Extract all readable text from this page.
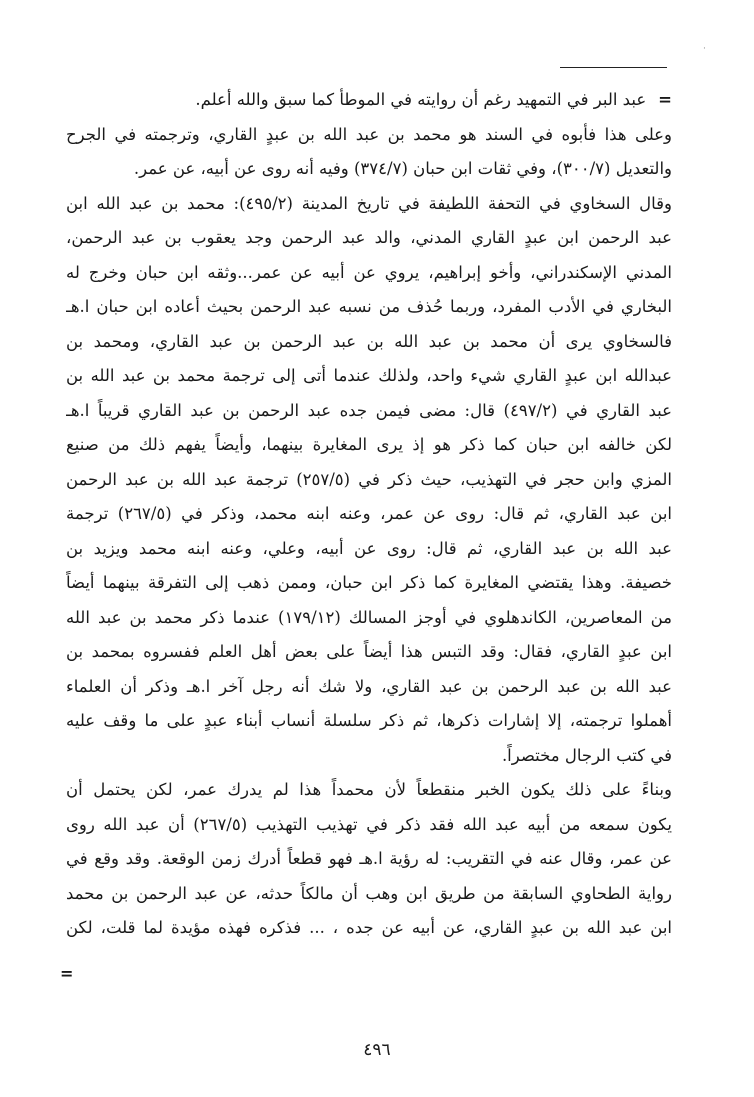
·
=عبد البر في التمهيد رغم أن روايته في الموطأ كما سبق والله أعلم.
وعلى هذا فأبوه في السند هو محمد بن عبد الله بن عبدٍ القاري، وترجمته في الجرح
والتعديل (٣٠٠/٧)، وفي ثقات ابن حبان (٣٧٤/٧) وفيه أنه روى عن أبيه، عن عمر.
وقال السخاوي في التحفة اللطيفة في تاريخ المدينة (٤٩٥/٢): محمد بن عبد الله ابن
عبد الرحمن ابن عبدٍ القاري المدني، والد عبد الرحمن وجد يعقوب بن عبد الرحمن،
المدني الإسكندراني، وأخو إبراهيم، يروي عن أبيه عن عمر...وثقه ابن حبان وخرج له
البخاري في الأدب المفرد، وربما حُذف من نسبه عبد الرحمن بحيث أعاده ابن حبان ا.هـ
فالسخاوي يرى أن محمد بن عبد الله بن عبد الرحمن بن عبد القاري، ومحمد بن
عبدالله ابن عبدٍ القاري شيء واحد، ولذلك عندما أتى إلى ترجمة محمد بن عبد الله بن
عبد القاري في (٤٩٧/٢) قال: مضى فيمن جده عبد الرحمن بن عبد القاري قريباً ا.هـ
لكن خالفه ابن حبان كما ذكر هو إذ يرى المغايرة بينهما، وأيضاً يفهم ذلك من صنيع
المزي وابن حجر في التهذيب، حيث ذكر في (٢٥٧/٥) ترجمة عبد الله بن عبد الرحمن
ابن عبد القاري، ثم قال: روى عن عمر، وعنه ابنه محمد، وذكر في (٢٦٧/٥) ترجمة
عبد الله بن عبد القاري، ثم قال: روى عن أبيه، وعلي، وعنه ابنه محمد ويزيد بن
خصيفة. وهذا يقتضي المغايرة كما ذكر ابن حبان، وممن ذهب إلى التفرقة بينهما أيضاً
من المعاصرين، الكاندهلوي في أوجز المسالك (١٧٩/١٢) عندما ذكر محمد بن عبد الله
ابن عبدٍ القاري، فقال: وقد التبس هذا أيضاً على بعض أهل العلم ففسروه بمحمد بن
عبد الله بن عبد الرحمن بن عبد القاري، ولا شك أنه رجل آخر ا.هـ وذكر أن العلماء
أهملوا ترجمته، إلا إشارات ذكرها، ثم ذكر سلسلة أنساب أبناء عبدٍ على ما وقف عليه
في كتب الرجال مختصراً.
وبناءً على ذلك يكون الخبر منقطعاً لأن محمداً هذا لم يدرك عمر، لكن يحتمل أن
يكون سمعه من أبيه عبد الله فقد ذكر في تهذيب التهذيب (٢٦٧/٥) أن عبد الله روى
عن عمر، وقال عنه في التقريب: له رؤية ا.هـ فهو قطعاً أدرك زمن الوقعة. وقد وقع في
رواية الطحاوي السابقة من طريق ابن وهب أن مالكاً حدثه، عن عبد الرحمن بن محمد
ابن عبد الله بن عبدٍ القاري، عن أبيه عن جده ، ... فذكره فهذه مؤيدة لما قلت، لكن
=
٤٩٦
